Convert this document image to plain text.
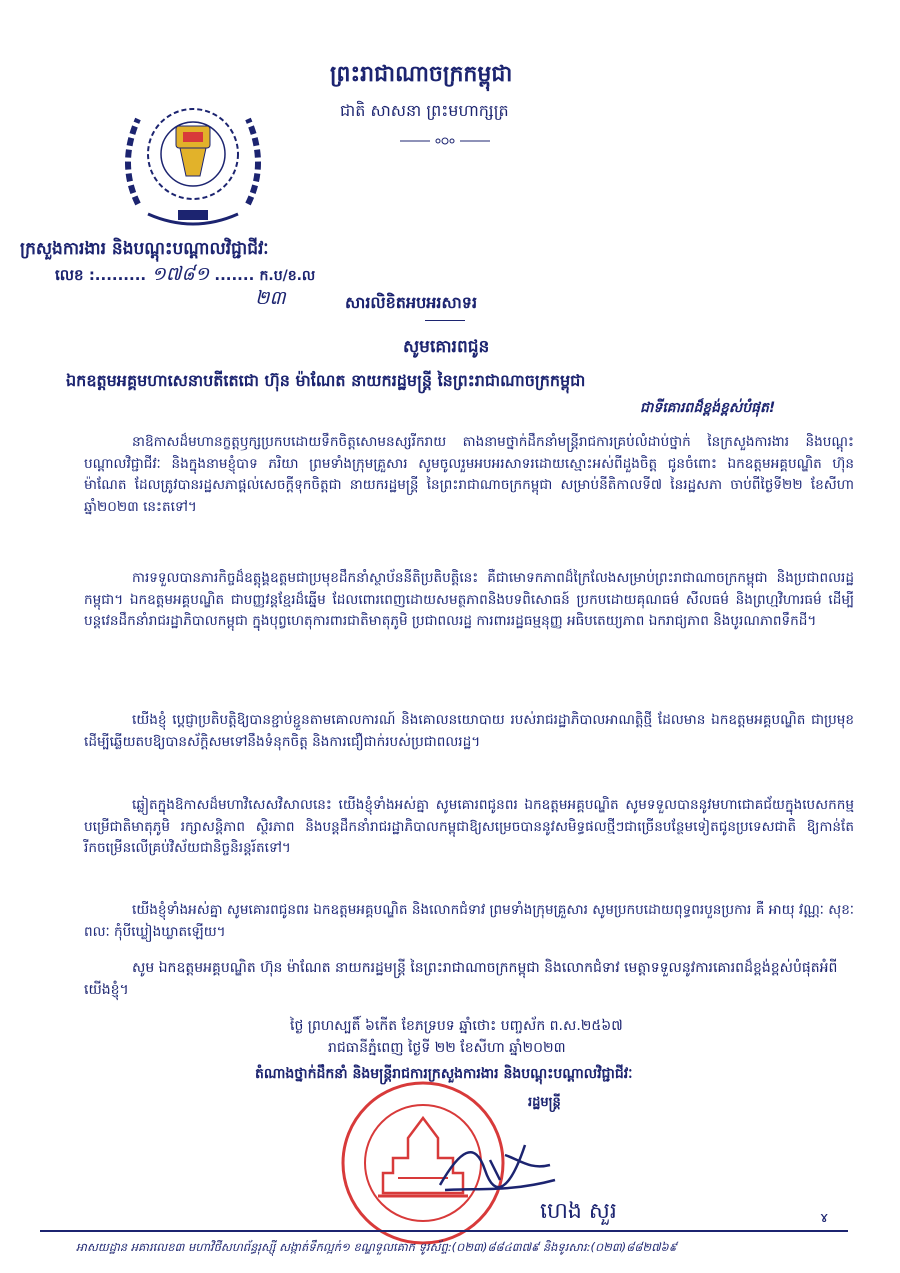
ព្រះរាជាណាចក្រកម្ពុជា
ជាតិ សាសនា ព្រះមហាក្សត្រ
ក្រសួងការងារ និងបណ្តុះបណ្តាលវិជ្ជាជីវៈ
លេខ :......... ១៧៨១ ....... ក.ប/ខ.ល
២៣	សារលិខិតអបអរសាទរ
សូមគោរពជូន
ឯកឧត្តមអគ្គមហាសេនាបតីតេជោ ហ៊ុន ម៉ាណែត នាយករដ្ឋមន្ត្រី នៃព្រះរាជាណាចក្រកម្ពុជា
ជាទីគោរពដ៏ខ្ពង់ខ្ពស់បំផុត!

នាឱកាសដ៏មហានក្ខត្តឫក្សប្រកបដោយទឹកចិត្តសោមនស្សរីករាយ តាងនាមថ្នាក់ដឹកនាំមន្ត្រីរាជការគ្រប់លំដាប់ថ្នាក់ នៃក្រសួងការងារ និងបណ្តុះបណ្តាលវិជ្ជាជីវៈ និងក្នុងនាមខ្ញុំបាទ ភរិយា ព្រមទាំងក្រុមគ្រួសារ សូមចូលរួមអបអរសាទរដោយស្មោះអស់ពីដួងចិត្ត ជូនចំពោះ ឯកឧត្តមអគ្គបណ្ឌិត ហ៊ុន ម៉ាណែត ដែលត្រូវបានរដ្ឋសភាផ្តល់សេចក្តីទុកចិត្តជា នាយករដ្ឋមន្ត្រី នៃព្រះរាជាណាចក្រកម្ពុជា សម្រាប់នីតិកាលទី៧ នៃរដ្ឋសភា ចាប់ពីថ្ងៃទី២២ ខែសីហា ឆ្នាំ២០២៣ នេះតទៅ។

ការទទួលបានភារកិច្ចដ៏ឧត្តុង្គឧត្តមជាប្រមុខដឹកនាំស្ថាប័ននីតិប្រតិបត្តិនេះ គឺជាមោទកភាពដ៏ក្រៃលែងសម្រាប់ព្រះរាជាណាចក្រកម្ពុជា និងប្រជាពលរដ្ឋកម្ពុជា។ ឯកឧត្តមអគ្គបណ្ឌិត ជាបញ្ញវន្តខ្មែរដ៏ឆ្នើម ដែលពោរពេញដោយសមត្ថភាពនិងបទពិសោធន៍ ប្រកបដោយគុណធម៌ សីលធម៌ និងព្រហ្មវិហារធម៌ ដើម្បីបន្តវេនដឹកនាំរាជរដ្ឋាភិបាលកម្ពុជា ក្នុងបុព្វហេតុការពារជាតិមាតុភូមិ ប្រជាពលរដ្ឋ ការពាររដ្ឋធម្មនុញ្ញ អធិបតេយ្យភាព ឯករាជ្យភាព និងបូរណភាពទឹកដី។

យើងខ្ញុំ ប្តេជ្ញាប្រតិបត្តិឱ្យបានខ្ជាប់ខ្ជួនតាមគោលការណ៍ និងគោលនយោបាយ របស់រាជរដ្ឋាភិបាលអាណត្តិថ្មី ដែលមាន ឯកឧត្តមអគ្គបណ្ឌិត ជាប្រមុខ ដើម្បីឆ្លើយតបឱ្យបានស័ក្តិសមទៅនឹងទំនុកចិត្ត និងការជឿជាក់របស់ប្រជាពលរដ្ឋ។

ឆ្លៀតក្នុងឱកាសដ៏មហាវិសេសវិសាលនេះ យើងខ្ញុំទាំងអស់គ្នា សូមគោរពជូនពរ ឯកឧត្តមអគ្គបណ្ឌិត សូមទទួលបាននូវមហាជោគជ័យក្នុងបេសកកម្មបម្រើជាតិមាតុភូមិ រក្សាសន្តិភាព ស្ថិរភាព និងបន្តដឹកនាំរាជរដ្ឋាភិបាលកម្ពុជាឱ្យសម្រេចបាននូវសមិទ្ធផលថ្មីៗជាច្រើនបន្ថែមទៀតជូនប្រទេសជាតិ ឱ្យកាន់តែរីកចម្រើនលើគ្រប់វិស័យជានិច្ចនិរន្តរ៍តទៅ។

យើងខ្ញុំទាំងអស់គ្នា សូមគោរពជូនពរ ឯកឧត្តមអគ្គបណ្ឌិត និងលោកជំទាវ ព្រមទាំងក្រុមគ្រួសារ សូមប្រកបដោយពុទ្ធពរបួនប្រការ គឺ អាយុ វណ្ណៈ សុខៈ ពលៈ កុំបីឃ្លៀងឃ្លាតឡើយ។

សូម ឯកឧត្តមអគ្គបណ្ឌិត ហ៊ុន ម៉ាណែត នាយករដ្ឋមន្ត្រី នៃព្រះរាជាណាចក្រកម្ពុជា និងលោកជំទាវ មេត្តាទទួលនូវការគោរពដ៏ខ្ពង់ខ្ពស់បំផុតអំពីយើងខ្ញុំ។
ថ្ងៃ ព្រហស្បតិ៍ ៦កើត ខែភទ្របទ ឆ្នាំថោះ បញ្ចស័ក ព.ស.២៥៦៧
រាជធានីភ្នំពេញ ថ្ងៃទី ២២ ខែសីហា ឆ្នាំ២០២៣
តំណាងថ្នាក់ដឹកនាំ និងមន្ត្រីរាជការក្រសួងការងារ និងបណ្តុះបណ្តាលវិជ្ជាជីវៈ
រដ្ឋមន្ត្រី
ហេង សួរ	ɤ
អាសយដ្ឋាន អគារលេខ៣ មហាវិថីសហព័ន្ធរុស្ស៊ី សង្កាត់ទឹកល្អក់១ ខណ្ឌទួលគោក ទូរស័ព្ទ:(០២៣)៨៨៤៣៧៩ និងទូរសារ:(០២៣)៨៨២៧៦៩
